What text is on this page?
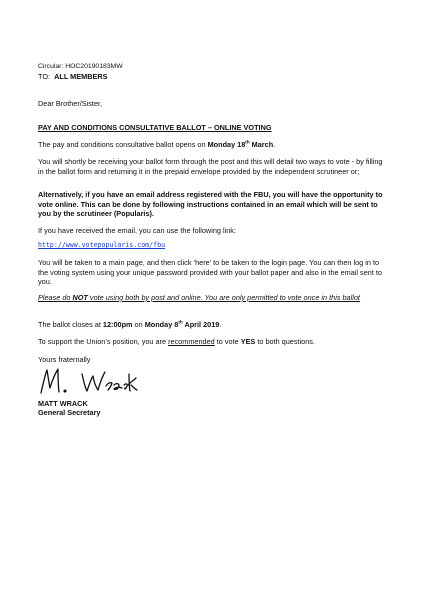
Circular: HOC20190183MW

TO: ALL MEMBERS

Dear Brother/Sister,

PAY AND CONDITIONS CONSULTATIVE BALLOT – ONLINE VOTING

The pay and conditions consultative ballot opens on Monday 18th March.

You will shortly be receiving your ballot form through the post and this will detail two ways to vote - by filling in the ballot form and returning it in the prepaid envelope provided by the independent scrutineer or;

Alternatively, if you have an email address registered with the FBU, you will have the opportunity to vote online. This can be done by following instructions contained in an email which will be sent to you by the scrutineer (Popularis).

If you have received the email, you can use the following link:

http://www.votepopularis.com/fbu

You will be taken to a main page, and then click ‘here’ to be taken to the login page. You can then log in to the voting system using your unique password provided with your ballot paper and also in the email sent to you.

Please do NOT vote using both by post and online. You are only permitted to vote once in this ballot

The ballot closes at 12:00pm on Monday 8th April 2019.

To support the Union’s position, you are recommended to vote YES to both questions.

Yours fraternally

MATT WRACK

General Secretary
